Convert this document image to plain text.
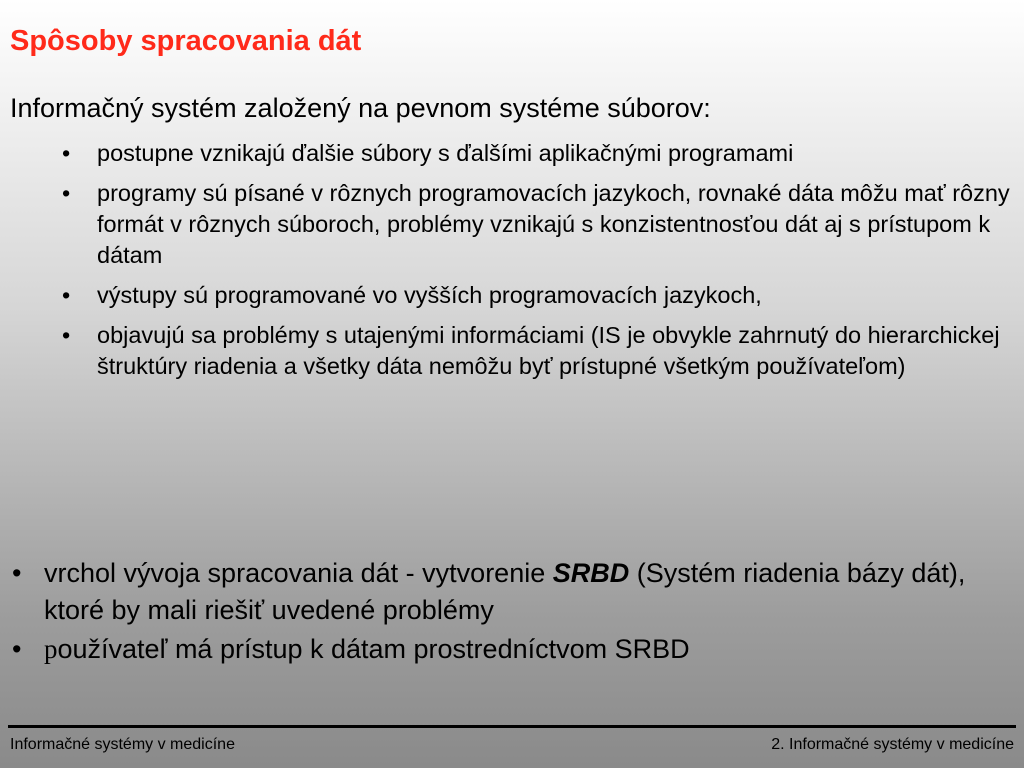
Spôsoby spracovania dát

Informačný systém založený na pevnom systéme súborov:

• postupne vznikajú ďalšie súbory s ďalšími aplikačnými programami
• programy sú písané v rôznych programovacích jazykoch, rovnaké dáta môžu mať rôzny formát v rôznych súboroch, problémy vznikajú s konzistentnosťou dát aj s prístupom k dátam
• výstupy sú programované vo vyšších programovacích jazykoch,
• objavujú sa problémy s utajenými informáciami (IS je obvykle zahrnutý do hierarchickej štruktúry riadenia a všetky dáta nemôžu byť prístupné všetkým používateľom)
• vrchol vývoja spracovania dát - vytvorenie SRBD (Systém riadenia bázy dát), ktoré by mali riešiť uvedené problémy
• používateľ má prístup k dátam prostredníctvom SRBD
Informačné systémy v medicíne	2. Informačné systémy v medicíne
